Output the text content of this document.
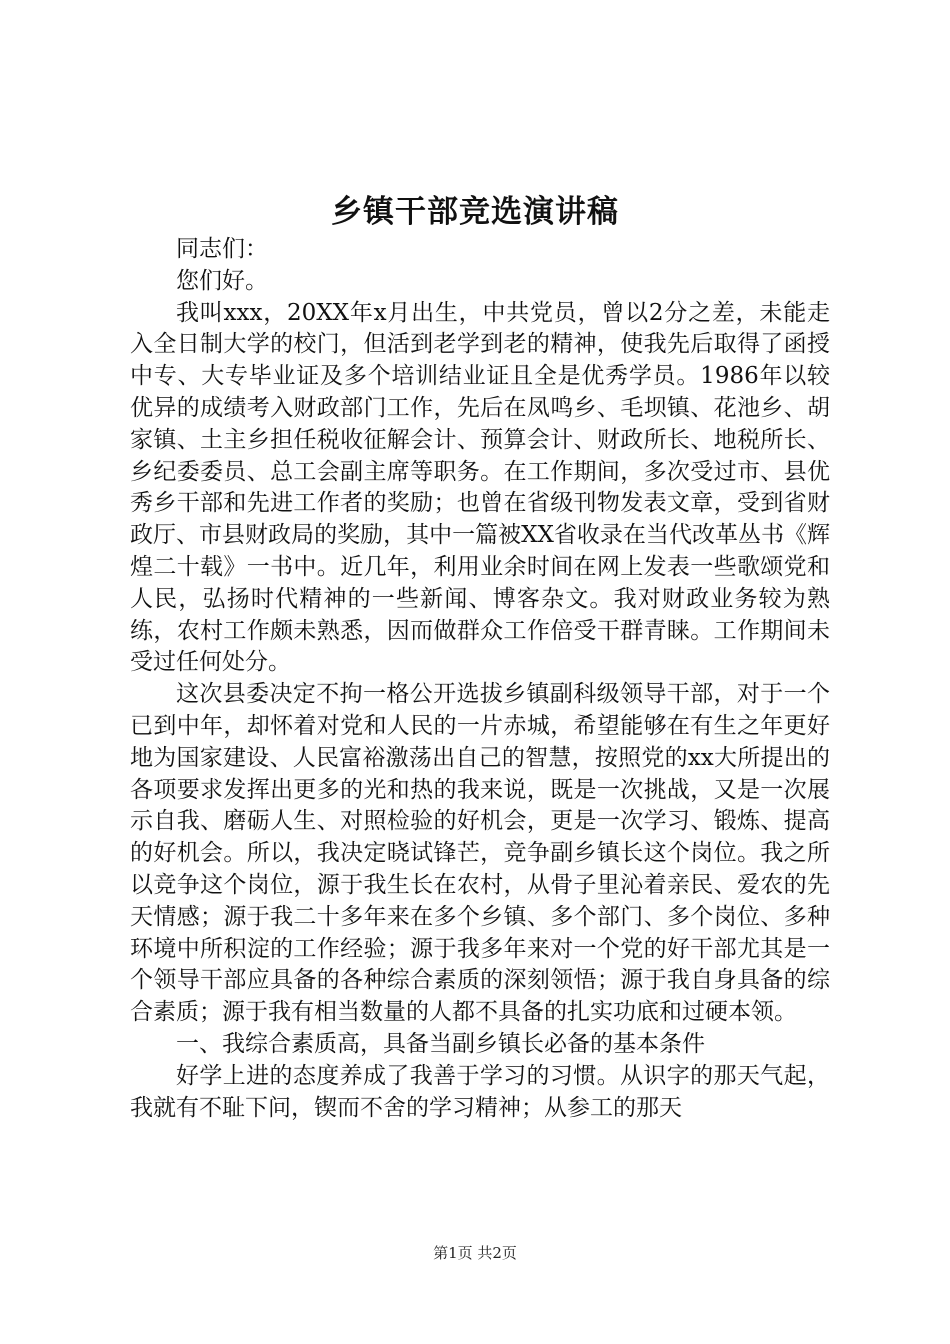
乡镇干部竞选演讲稿

同志们：

您们好。

我叫xxx，20XX年x月出生，中共党员，曾以2分之差，未能走入全日制大学的校门，但活到老学到老的精神，使我先后取得了函授中专、大专毕业证及多个培训结业证且全是优秀学员。1986年以较优异的成绩考入财政部门工作，先后在凤鸣乡、毛坝镇、花池乡、胡家镇、土主乡担任税收征解会计、预算会计、财政所长、地税所长、乡纪委委员、总工会副主席等职务。在工作期间，多次受过市、县优秀乡干部和先进工作者的奖励；也曾在省级刊物发表文章，受到省财政厅、市县财政局的奖励，其中一篇被XX省收录在当代改革丛书《辉煌二十载》一书中。近几年，利用业余时间在网上发表一些歌颂党和人民，弘扬时代精神的一些新闻、博客杂文。我对财政业务较为熟练，农村工作颇未熟悉，因而做群众工作倍受干群青睐。工作期间未受过任何处分。

这次县委决定不拘一格公开选拔乡镇副科级领导干部，对于一个已到中年，却怀着对党和人民的一片赤城，希望能够在有生之年更好地为国家建设、人民富裕激荡出自己的智慧，按照党的xx大所提出的各项要求发挥出更多的光和热的我来说，既是一次挑战，又是一次展示自我、磨砺人生、对照检验的好机会，更是一次学习、锻炼、提高的好机会。所以，我决定晓试锋芒，竞争副乡镇长这个岗位。我之所以竞争这个岗位，源于我生长在农村，从骨子里沁着亲民、爱农的先天情感；源于我二十多年来在多个乡镇、多个部门、多个岗位、多种环境中所积淀的工作经验；源于我多年来对一个党的好干部尤其是一个领导干部应具备的各种综合素质的深刻领悟；源于我自身具备的综合素质；源于我有相当数量的人都不具备的扎实功底和过硬本领。

一、我综合素质高，具备当副乡镇长必备的基本条件

好学上进的态度养成了我善于学习的习惯。从识字的那天气起，我就有不耻下问，锲而不舍的学习精神；从参工的那天

第1页 共2页
